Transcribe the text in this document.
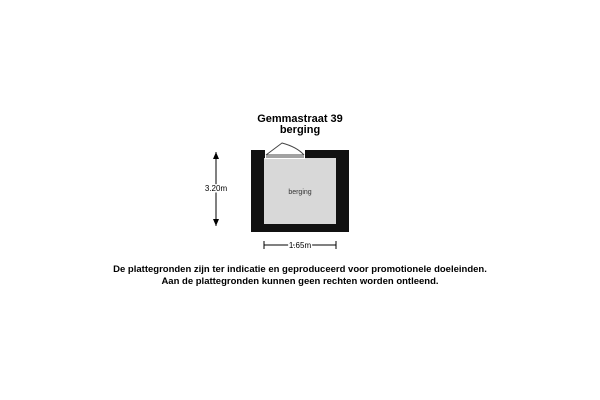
Gemmastraat 39
berging
berging
3.20m
1.65m
De plattegronden zijn ter indicatie en geproduceerd voor promotionele doeleinden.
Aan de plattegronden kunnen geen rechten worden ontleend.
